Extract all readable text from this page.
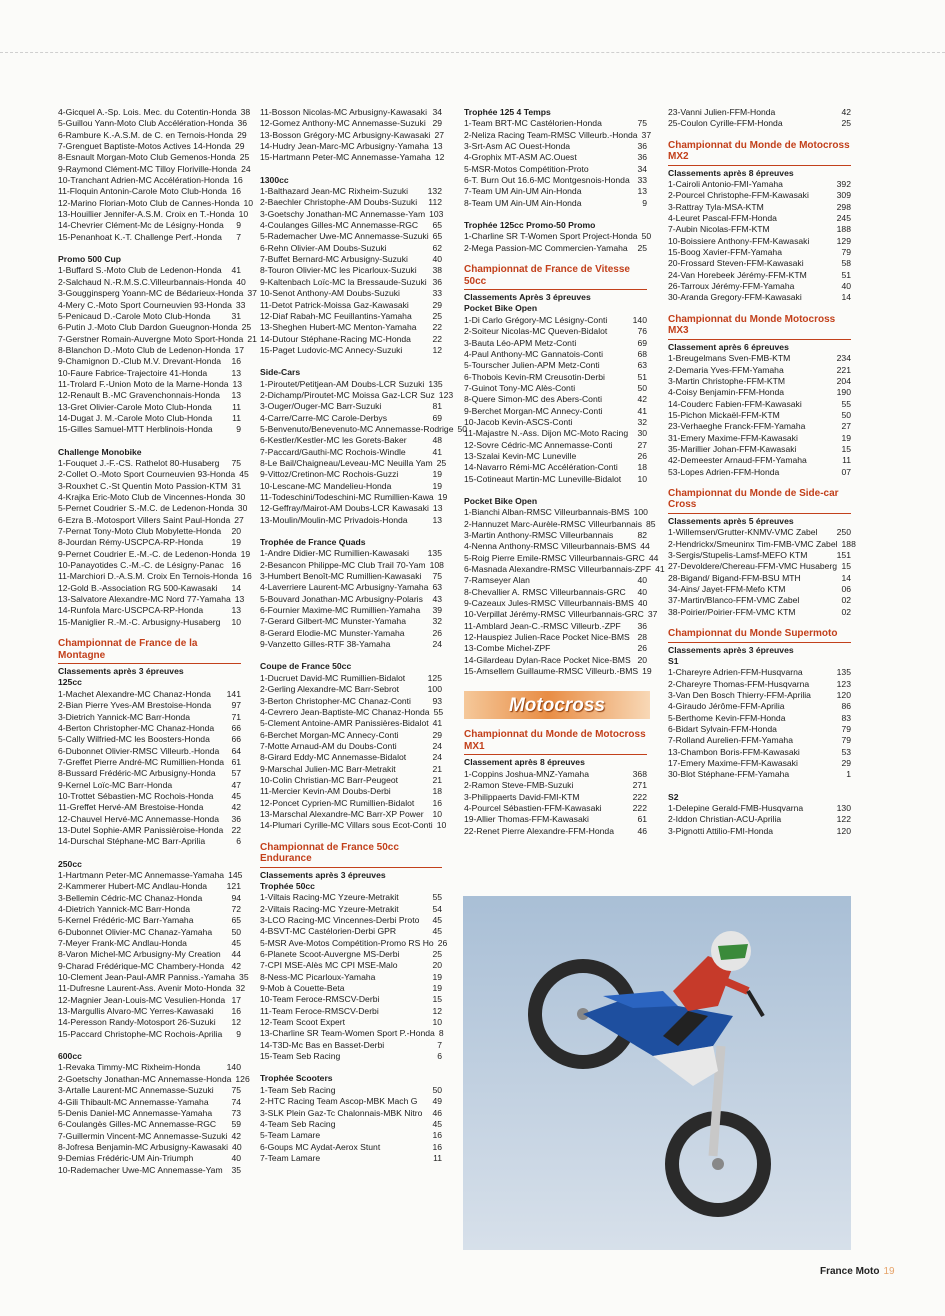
4-Gicquel A.-Sp. Lois. Mec. du Cotentin-Honda 38
5-Guillou Yann-Moto Club Accélération-Honda 36
6-Rambure K.-A.S.M. de C. en Ternois-Honda 29
7-Grenguet Baptiste-Motos Actives 14-Honda 29
8-Esnault Morgan-Moto Club Gemenos-Honda 25
9-Raymond Clément-MC Tilloy Floriville-Honda 24
10-Tranchant Adrien-MC Accélération-Honda 16
11-Floquin Antonin-Carole Moto Club-Honda 16
12-Marino Florian-Moto Club de Cannes-Honda 10
13-Houillier Jennifer-A.S.M. Croix en T.-Honda 10
14-Chevrier Clément-Mc de Lésigny-Honda	9
15-Penanhoat K.-T. Challenge Perf.-Honda	7
Promo 500 Cup
1-Buffard S.-Moto Club de Ledenon-Honda	41
2-Salchaud N.-R.M.S.C.Villeurbannais-Honda 40
3-Gougginsperg Yoann-MC de Bédarieux-Honda 37
4-Mery C.-Moto Sport Courneuvien 93-Honda 33
5-Penicaud D.-Carole Moto Club-Honda	31
6-Putin J.-Moto Club Dardon Gueugnon-Honda 25
7-Gerstner Romain-Auvergne Moto Sport-Honda 21
8-Blanchon D.-Moto Club de Ledenon-Honda 17
9-Chamignon D.-Club M.V. Drevant-Honda	16
10-Faure Fabrice-Trajectoire 41-Honda	13
11-Trolard F.-Union Moto de la Marne-Honda 13
12-Renault B.-MC Gravenchonnais-Honda	13
13-Gret Olivier-Carole Moto Club-Honda	11
14-Dugat J. M.-Carole Moto Club-Honda	11
15-Gilles Samuel-MTT Herblinois-Honda	9
Challenge Monobike
1-Fouquet J.-F.-CS. Rathelot 80-Husaberg	75
2-Collet O.-Moto Sport Courneuvien 93-Honda 45
3-Rouxhet C.-St Quentin Moto Passion-KTM 31
4-Krajka Eric-Moto Club de Vincennes-Honda 30
5-Pernet Coudrier S.-M.C. de Ledenon-Honda 30
6-Ezra B.-Motosport Villers Saint Paul-Honda 27
7-Pernat Tony-Moto Club Mobylette-Honda	20
8-Jourdan Rémy-USCPCA-RP-Honda	19
9-Pernet Coudrier E.-M.-C. de Ledenon-Honda 19
10-Panayotides C.-M.-C. de Lésigny-Panac 16
11-Marchiori D.-A.S.M. Croix En Ternois-Honda 16
12-Gold B.-Association RG 500-Kawasaki	14
13-Salvatore Alexandre-MC Nord 77-Yamaha 13
14-Runfola Marc-USCPCA-RP-Honda	13
15-Maniglier R.-M.-C. Arbusigny-Husaberg	10
Championnat de France de la Montagne
Classements après 3 épreuves
125cc
1-Machet Alexandre-MC Chanaz-Honda	141
2-Bian Pierre Yves-AM Brestoise-Honda	97
3-Dietrich Yannick-MC Barr-Honda	71
4-Berton Christopher-MC Chanaz-Honda	66
5-Cally Wilfried-MC les Boosters-Honda	66
6-Dubonnet Olivier-RMSC Villeurb.-Honda	64
7-Greffet Pierre André-MC Rumillien-Honda 61
8-Bussard Frédéric-MC Arbusigny-Honda	57
9-Kernel Loïc-MC Barr-Honda	47
10-Trottet Sébastien-MC Rochois-Honda	45
11-Greffet Hervé-AM Brestoise-Honda	42
12-Chauvel Hervé-MC Annemasse-Honda	36
13-Dutel Sophie-AMR Panissièroise-Honda 22
14-Durschal Stéphane-MC Barr-Aprilia	6
250cc
1-Hartmann Peter-MC Annemasse-Yamaha 145
2-Kammerer Hubert-MC Andlau-Honda	121
3-Bellemin Cédric-MC Chanaz-Honda	94
4-Dietrich Yannick-MC Barr-Honda	72
5-Kernel Frédéric-MC Barr-Yamaha	65
6-Dubonnet Olivier-MC Chanaz-Yamaha	50
7-Meyer Frank-MC Andlau-Honda	45
8-Varon Michel-MC Arbusigny-My Creation	44
9-Charad Frédérique-MC Chambery-Honda 42
10-Clement Jean-Paul-AMR Panniss.-Yamaha 35
11-Dufresne Laurent-Ass. Avenir Moto-Honda 32
12-Magnier Jean-Louis-MC Vesulien-Honda 17
13-Margullis Alvaro-MC Yerres-Kawasaki	16
14-Peresson Randy-Motosport 26-Suzuki	12
15-Paccard Christophe-MC Rochois-Aprilia	9
600cc
1-Revaka Timmy-MC Rixheim-Honda	140
2-Goetschy Jonathan-MC Annemasse-Honda 126
3-Artalle Laurent-MC Annemasse-Suzuki	75
4-Gili Thibault-MC Annemasse-Yamaha	74
5-Denis Daniel-MC Annemasse-Yamaha	73
6-Coulangès Gilles-MC Annemasse-RGC	59
7-Guillermin Vincent-MC Annemasse-Suzuki 42
8-Jofresa Benjamin-MC Arbusigny-Kawasaki 40
9-Demias Frédéric-UM Ain-Triumph	40
10-Rademacher Uwe-MC Annemasse-Yam	35
11-Bosson Nicolas-MC Arbusigny-Kawasaki 34
12-Gomez Anthony-MC Annemasse-Suzuki 29
13-Bosson Grégory-MC Arbusigny-Kawasaki 27
14-Hudry Jean-Marc-MC Arbusigny-Yamaha 13
15-Hartmann Peter-MC Annemasse-Yamaha 12
1300cc
1-Balthazard Jean-MC Rixheim-Suzuki	132
2-Baechler Christophe-AM Doubs-Suzuki	112
3-Goetschy Jonathan-MC Annemasse-Yam 103
4-Coulanges Gilles-MC Annemasse-RGC	65
5-Rademacher Uwe-MC Annemasse-Suzuki 65
6-Rehn Olivier-AM Doubs-Suzuki	62
7-Buffet Bernard-MC Arbusigny-Suzuki	40
8-Touron Olivier-MC les Picarloux-Suzuki	38
9-Kaltenbach Loïc-MC la Bressaude-Suzuki 36
10-Senot Anthony-AM Doubs-Suzuki	33
11-Detot Patrick-Moissa Gaz-Kawasaki	29
12-Diaf Rabah-MC Feuillantins-Yamaha	25
13-Sheghen Hubert-MC Menton-Yamaha	22
14-Dutour Stéphane-Racing MC-Honda	22
15-Paget Ludovic-MC Annecy-Suzuki	12
Side-Cars
1-Piroutet/Petitjean-AM Doubs-LCR Suzuki 135
2-Dichamp/Piroutet-MC Moissa Gaz-LCR Suz 123
3-Ouger/Ouger-MC Barr-Suzuki	81
4-Carre/Carre-MC Carole-Derbys	69
5-Benvenuto/Benevenuto-MC Annemasse-Rodrige 50
6-Kestler/Kestler-MC les Gorets-Baker	48
7-Paccard/Gauthi-MC Rochois-Windle	41
8-Le Bail/Chaigneau/Leveau-MC Neuilla Yam 25
9-Vittoz/Cretinon-MC Rochois-Guzzi	19
10-Lescane-MC Mandelieu-Honda	19
11-Todeschini/Todeschini-MC Rumillien-Kawa 19
12-Geffray/Mairot-AM Doubs-LCR Kawasaki 13
13-Moulin/Moulin-MC Privadois-Honda	13
Trophée de France Quads
1-Andre Didier-MC Rumillien-Kawasaki	135
2-Besancon Philippe-MC Club Trail 70-Yam 108
3-Humbert Benoît-MC Rumillien-Kawasaki	75
4-Laverriere Laurent-MC Arbusigny-Yamaha 63
5-Bouvard Jonathan-MC Arbusigny-Polaris	43
6-Fournier Maxime-MC Rumillien-Yamaha	39
7-Gerard Gilbert-MC Munster-Yamaha	32
8-Gerard Elodie-MC Munster-Yamaha	26
9-Vanzetto Gilles-RTF 38-Yamaha	24
Coupe de France 50cc
1-Ducruet David-MC Rumillien-Bidalot	125
2-Gerling Alexandre-MC Barr-Sebrot	100
3-Berton Christopher-MC Chanaz-Conti	93
4-Cevrero Jean-Baptiste-MC Chanaz-Honda 55
5-Clement Antoine-AMR Panissières-Bidalot 41
6-Berchet Morgan-MC Annecy-Conti	29
7-Motte Arnaud-AM du Doubs-Conti	24
8-Girard Eddy-MC Annemasse-Bidalot	24
9-Marschal Julien-MC Barr-Metrakit	21
10-Colin Christian-MC Barr-Peugeot	21
11-Mercier Kevin-AM Doubs-Derbi	18
12-Poncet Cyprien-MC Rumillien-Bidalot	16
13-Marschal Alexandre-MC Barr-XP Power	10
14-Plumari Cyrille-MC Villars sous Ecot-Conti 10
Championnat de France 50cc Endurance
Classements après 3 épreuves
Trophée 50cc
1-Viltais Racing-MC Yzeure-Metrakit	55
2-Viltais Racing-MC Yzeure-Metrakit	54
3-LCO Racing-MC Vincennes-Derbi Proto	45
4-BSVT-MC Castélorien-Derbi GPR	45
5-MSR Ave-Motos Compétition-Promo RS Ho 26
6-Planete Scoot-Auvergne MS-Derbi	25
7-CPI MSE-Alès MC CPI MSE-Malo	20
8-Ness-MC Picarloux-Yamaha	19
9-Mob à Couette-Beta	19
10-Team Feroce-RMSCV-Derbi	15
11-Team Feroce-RMSCV-Derbi	12
12-Team Scoot Expert	10
13-Charline SR Team-Women Sport P.-Honda 8
14-T3D-Mc Bas en Basset-Derbi	7
15-Team Seb Racing	6
Trophée Scooters
1-Team Seb Racing	50
2-HTC Racing Team Ascop-MBK Mach G	49
3-SLK Plein Gaz-Tc Chalonnais-MBK Nitro	46
4-Team Seb Racing	45
5-Team Lamare	16
6-Goups MC Aydat-Aerox Stunt	16
7-Team Lamare	11
Trophée 125 4 Temps
1-Team BRT-MC Castélorien-Honda	75
2-Neliza Racing Team-RMSC Villeurb.-Honda 37
3-Srt-Asm AC Ouest-Honda	36
4-Grophix MT-ASM AC.Ouest	36
5-MSR-Motos Compétition-Proto	34
6-T. Burn Out 16.6-MC Montgesnois-Honda 33
7-Team UM Ain-UM Ain-Honda	13
8-Team UM Ain-UM Ain-Honda	9
Trophée 125cc Promo-50 Promo
1-Charline SR T-Women Sport Project-Honda 50
2-Mega Passion-MC Commercien-Yamaha	25
Championnat de France de Vitesse 50cc
Classements Après 3 épreuves
Pocket Bike Open
1-Di Carlo Grégory-MC Lésigny-Conti	140
2-Soiteur Nicolas-MC Queven-Bidalot	76
3-Bauta Léo-APM Metz-Conti	69
4-Paul Anthony-MC Gannatois-Conti	68
5-Tourscher Julien-APM Metz-Conti	63
6-Thobois Kevin-RM Creusotin-Derbi	51
7-Guinot Tony-MC Alès-Conti	50
8-Quere Simon-MC des Abers-Conti	42
9-Berchet Morgan-MC Annecy-Conti	41
10-Jacob Kevin-ASCS-Conti	32
11-Majastre N.-Ass. Dijon MC-Moto Racing	30
12-Sovre Cédric-MC Annemasse-Conti	27
13-Szalai Kevin-MC Luneville	26
14-Navarro Rémi-MC Accélération-Conti	18
15-Cotineaut Martin-MC Luneville-Bidalot	10
Pocket Bike Open
1-Bianchi Alban-RMSC Villeurbannais-BMS 100
2-Hannuzet Marc-Aurèle-RMSC Villeurbannais 85
3-Martin Anthony-RMSC Villeurbannais	82
4-Nenna Anthony-RMSC Villeurbannais-BMS 44
5-Roig Pierre Emile-RMSC Villeurbannais-GRC 44
6-Masnada Alexandre-RMSC Villeurbannais-ZPF 41
7-Ramseyer Alan	40
8-Chevallier A. RMSC Villeurbannais-GRC	40
9-Cazeaux Jules-RMSC Villeurbannais-BMS 40
10-Verpillat Jérémy-RMSC Villeurbannais-GRC 37
11-Amblard Jean-C.-RMSC Villeurb.-ZPF	36
12-Hauspiez Julien-Race Pocket Nice-BMS 28
13-Combe Michel-ZPF	26
14-Gilardeau Dylan-Race Pocket Nice-BMS 20
15-Amsellem Guillaume-RMSC Villeurb.-BMS 19
Motocross
Championnat du Monde de Motocross MX1
Classement après 8 épreuves
1-Coppins Joshua-MNZ-Yamaha	368
2-Ramon Steve-FMB-Suzuki	271
3-Philippaerts David-FMI-KTM	222
4-Pourcel Sébastien-FFM-Kawasaki	222
19-Allier Thomas-FFM-Kawasaki	61
22-Renet Pierre Alexandre-FFM-Honda	46
23-Vanni Julien-FFM-Honda	42
25-Coulon Cyrille-FFM-Honda	25
Championnat du Monde de Motocross MX2
Classements après 8 épreuves
1-Cairoli Antonio-FMI-Yamaha	392
2-Pourcel Christophe-FFM-Kawasaki	309
3-Rattray Tyla-MSA-KTM	298
4-Leuret Pascal-FFM-Honda	245
7-Aubin Nicolas-FFM-KTM	188
10-Boissiere Anthony-FFM-Kawasaki	129
15-Boog Xavier-FFM-Yamaha	79
20-Frossard Steven-FFM-Kawasaki	58
24-Van Horebeek Jérémy-FFM-KTM	51
26-Tarroux Jérémy-FFM-Yamaha	40
30-Aranda Gregory-FFM-Kawasaki	14
Championnat du Monde Motocross MX3
Classement après 6 épreuves
1-Breugelmans Sven-FMB-KTM	234
2-Demaria Yves-FFM-Yamaha	221
3-Martin Christophe-FFM-KTM	204
4-Coisy Benjamin-FFM-Honda	190
14-Couderc Fabien-FFM-Kawasaki	55
15-Pichon Mickaël-FFM-KTM	50
23-Verhaeghe Franck-FFM-Yamaha	27
31-Emery Maxime-FFM-Kawasaki	19
35-Marillier Johan-FFM-Kawasaki	15
42-Demeester Arnaud-FFM-Yamaha	11
53-Lopes Adrien-FFM-Honda	07
Championnat du Monde de Side-car Cross
Classements après 5 épreuves
1-Willemsen/Grutter-KNMV-VMC Zabel	250
2-Hendrickx/Smeuninx Tim-FMB-VMC Zabel 188
3-Sergis/Stupelis-Lamsf-MEFO KTM	151
27-Devoldere/Chereau-FFM-VMC Husaberg 15
28-Bigand/ Bigand-FFM-BSU MTH	14
34-Ains/ Jayet-FFM-Mefo KTM	06
37-Martin/Blanco-FFM-VMC Zabel	02
38-Poirier/Poirier-FFM-VMC KTM	02
Championnat du Monde Supermoto
Classements après 3 épreuves
S1
1-Chareyre Adrien-FFM-Husqvarna	135
2-Chareyre Thomas-FFM-Husqvarna	123
3-Van Den Bosch Thierry-FFM-Aprilia	120
4-Giraudo Jérôme-FFM-Aprilia	86
5-Berthome Kevin-FFM-Honda	83
6-Bidart Sylvain-FFM-Honda	79
7-Rolland Aurelien-FFM-Yamaha	79
13-Chambon Boris-FFM-Kawasaki	53
17-Emery Maxime-FFM-Kawasaki	29
30-Blot Stéphane-FFM-Yamaha	1
S2
1-Delepine Gerald-FMB-Husqvarna	130
2-Iddon Christian-ACU-Aprilia	122
3-Pignotti Attilio-FMI-Honda	120
France Moto 19
